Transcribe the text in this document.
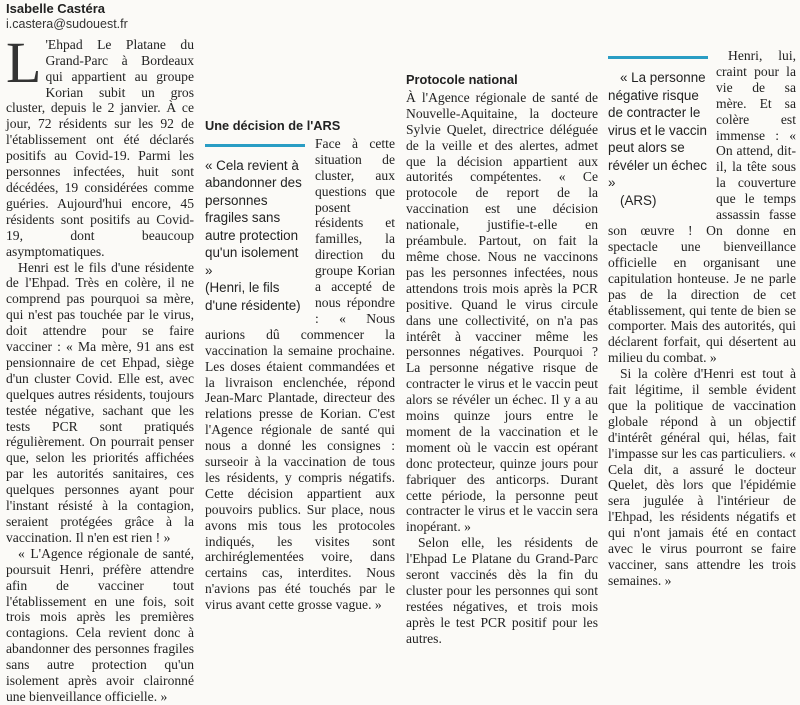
Isabelle Castéra
i.castera@sudouest.fr

L 'Ehpad Le Platane du Grand-Parc à Bordeaux qui appartient au groupe Korian subit un gros cluster, depuis le 2 janvier. À ce jour, 72 résidents sur les 92 de l'établissement ont été déclarés positifs au Covid-19. Parmi les personnes infectées, huit sont décédées, 19 considérées comme guéries. Aujourd'hui encore, 45 résidents sont positifs au Covid-19, dont beaucoup asymptomatiques.

Henri est le fils d'une résidente de l'Ehpad. Très en colère, il ne comprend pas pourquoi sa mère, qui n'est pas touchée par le virus, doit attendre pour se faire vacciner : « Ma mère, 91 ans est pensionnaire de cet Ehpad, siège d'un cluster Covid. Elle est, avec quelques autres résidents, toujours testée négative, sachant que les tests PCR sont pratiqués régulièrement. On pourrait penser que, selon les priorités affichées par les autorités sanitaires, ces quelques personnes ayant pour l'instant résisté à la contagion, seraient protégées grâce à la vaccination. Il n'en est rien ! »

« L'Agence régionale de santé, poursuit Henri, préfère attendre afin de vacciner tout l'établissement en une fois, soit trois mois après les premières contagions. Cela revient donc à abandonner des personnes fragiles sans autre protection qu'un isolement après avoir claironné une bienveillance officielle. »

Une décision de l'ARS

« Cela revient à abandonner des personnes fragiles sans autre protection qu'un isolement »
(Henri, le fils d'une résidente)
Face à cette situation de cluster, aux questions que posent résidents et familles, la direction du groupe Korian a accepté de nous répondre : « Nous aurions dû commencer la vaccination la semaine prochaine. Les doses étaient commandées et la livraison enclenchée, répond Jean-Marc Plantade, directeur des relations presse de Korian. C'est l'Agence régionale de santé qui nous a donné les consignes : surseoir à la vaccination de tous les résidents, y compris négatifs. Cette décision appartient aux pouvoirs publics. Sur place, nous avons mis tous les protocoles indiqués, les visites sont archiréglementées voire, dans certains cas, interdites. Nous n'avions pas été touchés par le virus avant cette grosse vague. »

Protocole national

À l'Agence régionale de santé de Nouvelle-Aquitaine, la docteure Sylvie Quelet, directrice déléguée de la veille et des alertes, admet que la décision appartient aux autorités compétentes. « Ce protocole de report de la vaccination est une décision nationale, justifie-t-elle en préambule. Partout, on fait la même chose. Nous ne vaccinons pas les personnes infectées, nous attendons trois mois après la PCR positive. Quand le virus circule dans une collectivité, on n'a pas intérêt à vacciner même les personnes négatives. Pourquoi ? La personne négative risque de contracter le virus et le vaccin peut alors se révéler un échec. Il y a au moins quinze jours entre le moment de la vaccination et le moment où le vaccin est opérant donc protecteur, quinze jours pour fabriquer des anticorps. Durant cette période, la personne peut contracter le virus et le vaccin sera inopérant. »

Selon elle, les résidents de l'Ehpad Le Platane du Grand-Parc seront vaccinés dès la fin du cluster pour les personnes qui sont restées négatives, et trois mois après le test PCR positif pour les autres.

« La personne négative risque de contracter le virus et le vaccin peut alors se révéler un échec »
(ARS)
Henri, lui, craint pour la vie de sa mère. Et sa colère est immense : « On attend, dit-il, la tête sous la couverture que le temps assassin fasse son œuvre ! On donne en spectacle une bienveillance officielle en organisant une capitulation honteuse. Je ne parle pas de la direction de cet établissement, qui tente de bien se comporter. Mais des autorités, qui déclarent forfait, qui désertent au milieu du combat. »

Si la colère d'Henri est tout à fait légitime, il semble évident que la politique de vaccination globale répond à un objectif d'intérêt général qui, hélas, fait l'impasse sur les cas particuliers. « Cela dit, a assuré le docteur Quelet, dès lors que l'épidémie sera jugulée à l'intérieur de l'Ehpad, les résidents négatifs et qui n'ont jamais été en contact avec le virus pourront se faire vacciner, sans attendre les trois semaines. »
